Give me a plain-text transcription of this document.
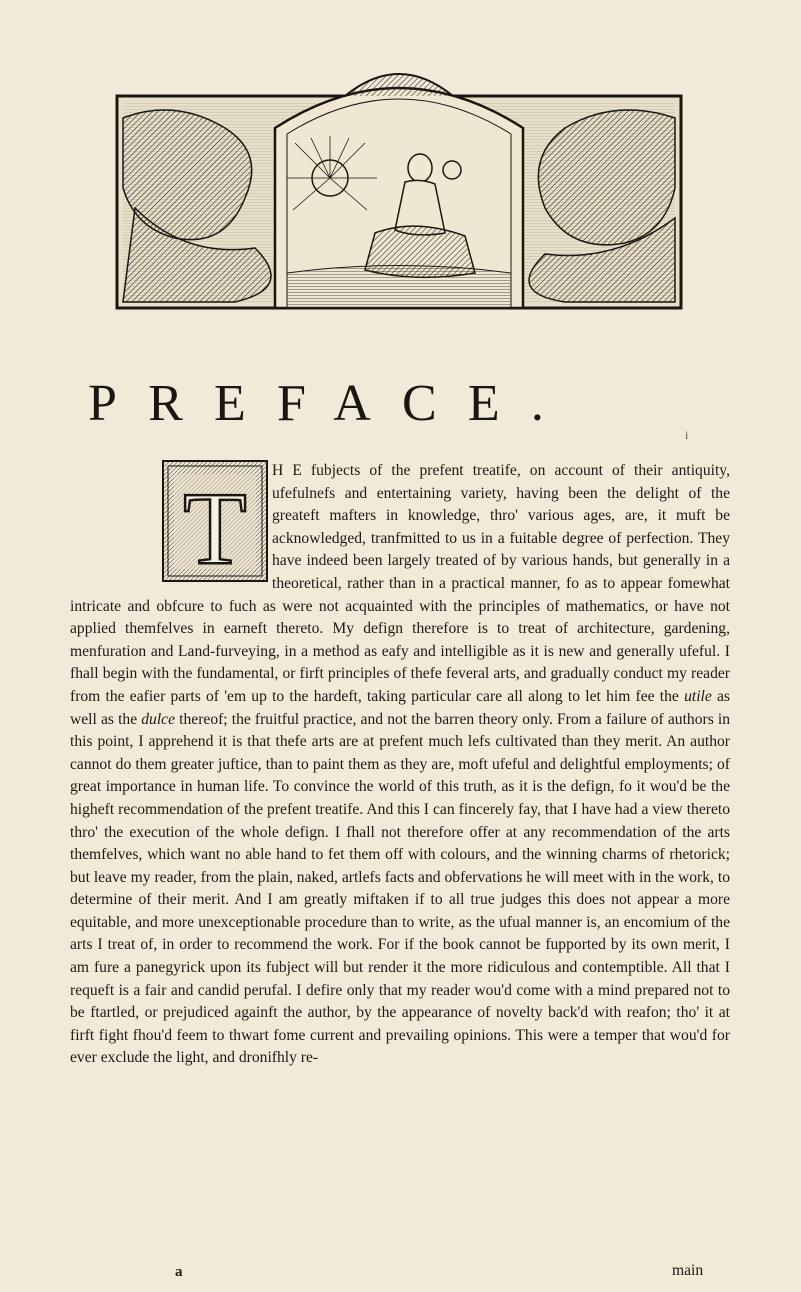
PREFACE.
i
T

H E fubjects of the prefent treatife, on account of their antiquity, ufefulnefs and entertaining variety, having been the delight of the greateft mafters in knowledge, thro' various ages, are, it muft be acknowledged, tranfmitted to us in a fuitable degree of perfection. They have indeed been largely treated of by various hands, but generally in a theoretical, rather than in a practical manner, fo as to appear fomewhat intricate and obfcure to fuch as were not acquainted with the principles of mathematics, or have not applied themfelves in earneft thereto. My defign therefore is to treat of architecture, gardening, menfuration and Land-furveying, in a method as eafy and intelligible as it is new and generally ufeful. I fhall begin with the fundamental, or firft principles of thefe feveral arts, and gradually conduct my reader from the eafier parts of 'em up to the hardeft, taking particular care all along to let him fee the utile as well as the dulce thereof; the fruitful practice, and not the barren theory only. From a failure of authors in this point, I apprehend it is that thefe arts are at prefent much lefs cultivated than they merit. An author cannot do them greater juftice, than to paint them as they are, moft ufeful and delightful employments; of great importance in human life. To convince the world of this truth, as it is the defign, fo it wou'd be the higheft recommendation of the prefent treatife. And this I can fincerely fay, that I have had a view thereto thro' the execution of the whole defign. I fhall not therefore offer at any recommendation of the arts themfelves, which want no able hand to fet them off with colours, and the winning charms of rhetorick; but leave my reader, from the plain, naked, artlefs facts and obfervations he will meet with in the work, to determine of their merit. And I am greatly miftaken if to all true judges this does not appear a more equitable, and more unexceptionable procedure than to write, as the ufual manner is, an encomium of the arts I treat of, in order to recommend the work. For if the book cannot be fupported by its own merit, I am fure a panegyrick upon its fubject will but render it the more ridiculous and contemptible. All that I requeft is a fair and candid perufal. I defire only that my reader wou'd come with a mind prepared not to be ftartled, or prejudiced againft the author, by the appearance of novelty back'd with reafon; tho' it at firft fight fhou'd feem to thwart fome current and prevailing opinions. This were a temper that wou'd for ever exclude the light, and dronifhly re-

a	main
